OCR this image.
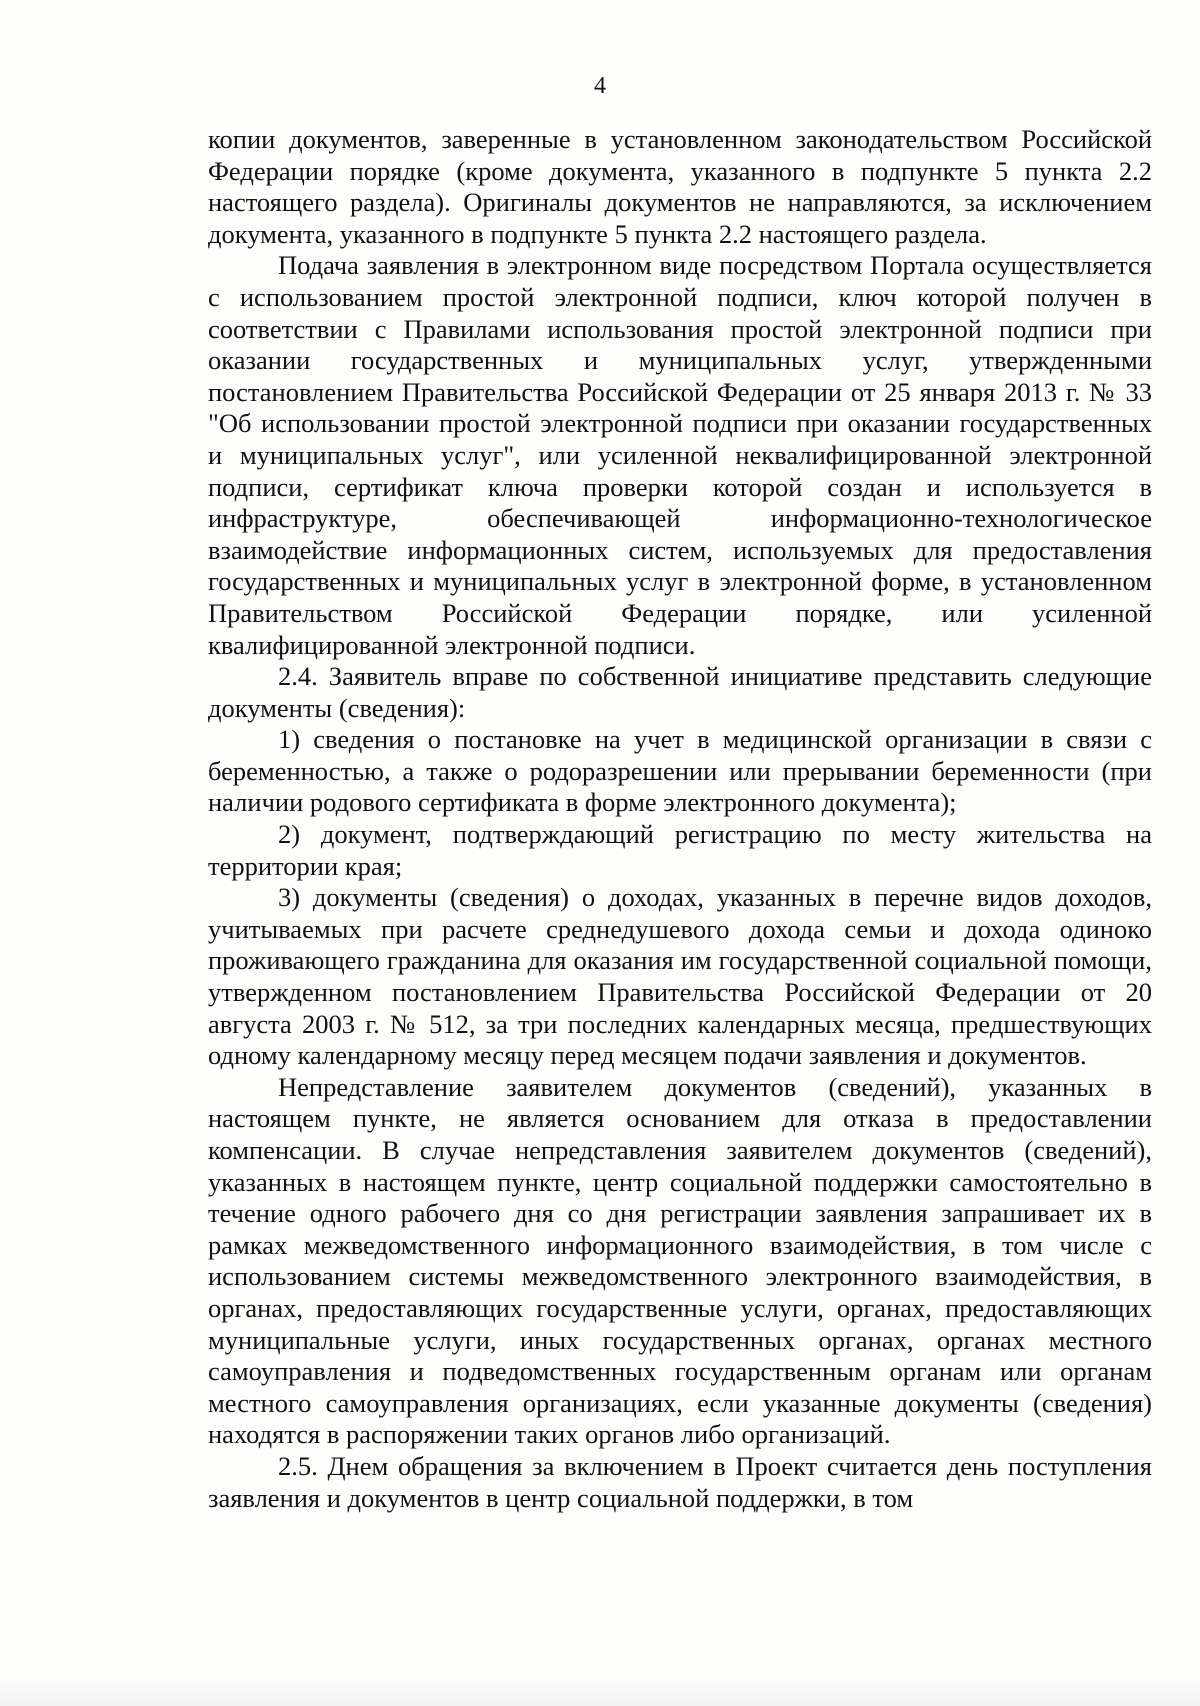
4

копии документов, заверенные в установленном законодательством Российской Федерации порядке (кроме документа, указанного в подпункте 5 пункта 2.2 настоящего раздела). Оригиналы документов не направляются, за исключением документа, указанного в подпункте 5 пункта 2.2 настоящего раздела.

Подача заявления в электронном виде посредством Портала осуществляется с использованием простой электронной подписи, ключ которой получен в соответствии с Правилами использования простой электронной подписи при оказании государственных и муниципальных услуг, утвержденными постановлением Правительства Российской Федерации от 25 января 2013 г. № 33 "Об использовании простой электронной подписи при оказании государственных и муниципальных услуг", или усиленной неквалифицированной электронной подписи, сертификат ключа проверки которой создан и используется в инфраструктуре, обеспечивающей информационно-технологическое взаимодействие информационных систем, используемых для предоставления государственных и муниципальных услуг в электронной форме, в установленном Правительством Российской Федерации порядке, или усиленной квалифицированной электронной подписи.

2.4. Заявитель вправе по собственной инициативе представить следующие документы (сведения):

1) сведения о постановке на учет в медицинской организации в связи с беременностью, а также о родоразрешении или прерывании беременности (при наличии родового сертификата в форме электронного документа);

2) документ, подтверждающий регистрацию по месту жительства на территории края;

3) документы (сведения) о доходах, указанных в перечне видов доходов, учитываемых при расчете среднедушевого дохода семьи и дохода одиноко проживающего гражданина для оказания им государственной социальной помощи, утвержденном постановлением Правительства Российской Федерации от 20 августа 2003 г. № 512, за три последних календарных месяца, предшествующих одному календарному месяцу перед месяцем подачи заявления и документов.

Непредставление заявителем документов (сведений), указанных в настоящем пункте, не является основанием для отказа в предоставлении компенсации. В случае непредставления заявителем документов (сведений), указанных в настоящем пункте, центр социальной поддержки самостоятельно в течение одного рабочего дня со дня регистрации заявления запрашивает их в рамках межведомственного информационного взаимодействия, в том числе с использованием системы межведомственного электронного взаимодействия, в органах, предоставляющих государственные услуги, органах, предоставляющих муниципальные услуги, иных государственных органах, органах местного самоуправления и подведомственных государственным органам или органам местного самоуправления организациях, если указанные документы (сведения) находятся в распоряжении таких органов либо организаций.

2.5. Днем обращения за включением в Проект считается день поступления заявления и документов в центр социальной поддержки, в том
